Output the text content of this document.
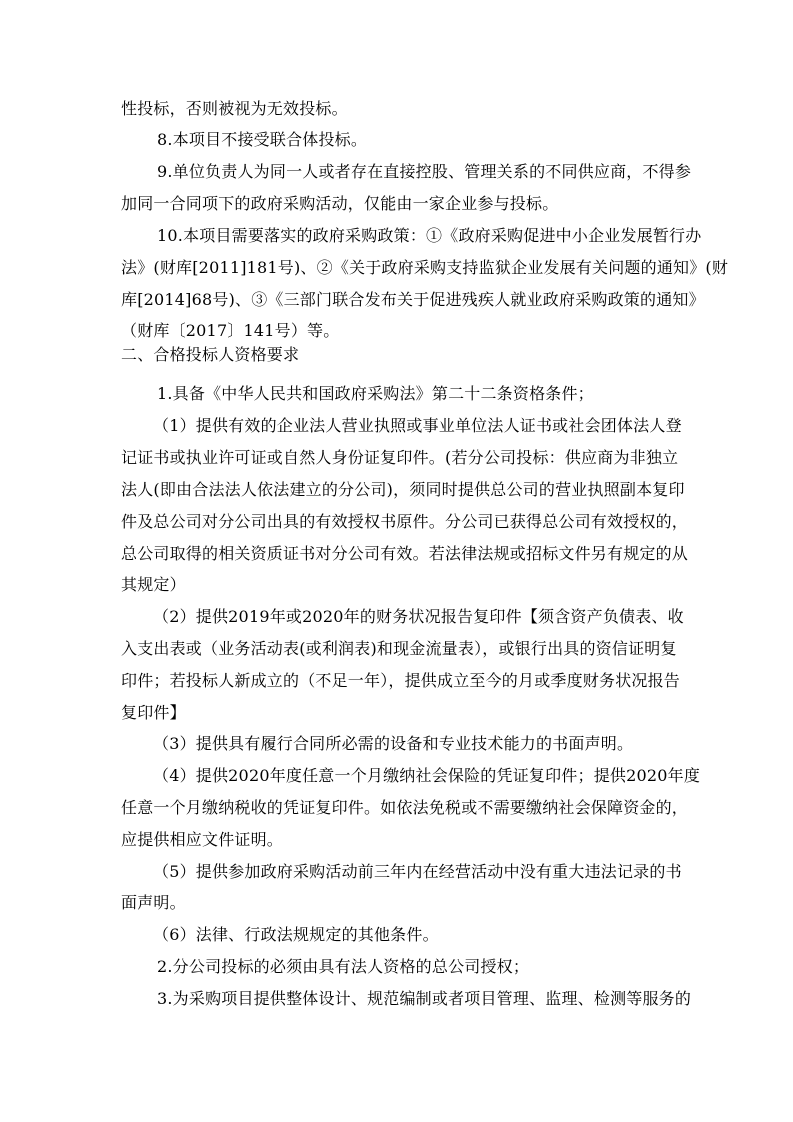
性投标，否则被视为无效投标。
8.本项目不接受联合体投标。
9.单位负责人为同一人或者存在直接控股、管理关系的不同供应商，不得参
加同一合同项下的政府采购活动，仅能由一家企业参与投标。
10.本项目需要落实的政府采购政策：①《政府采购促进中小企业发展暂行办
法》(财库[2011]181号)、②《关于政府采购支持监狱企业发展有关问题的通知》(财
库[2014]68号)、③《三部门联合发布关于促进残疾人就业政府采购政策的通知》
（财库〔2017〕141号）等。
二、合格投标人资格要求
1.具备《中华人民共和国政府采购法》第二十二条资格条件；
（1）提供有效的企业法人营业执照或事业单位法人证书或社会团体法人登
记证书或执业许可证或自然人身份证复印件。(若分公司投标：供应商为非独立
法人(即由合法法人依法建立的分公司)，须同时提供总公司的营业执照副本复印
件及总公司对分公司出具的有效授权书原件。分公司已获得总公司有效授权的，
总公司取得的相关资质证书对分公司有效。若法律法规或招标文件另有规定的从
其规定）
（2）提供2019年或2020年的财务状况报告复印件【须含资产负债表、收
入支出表或（业务活动表(或利润表)和现金流量表），或银行出具的资信证明复
印件；若投标人新成立的（不足一年），提供成立至今的月或季度财务状况报告
复印件】
（3）提供具有履行合同所必需的设备和专业技术能力的书面声明。
（4）提供2020年度任意一个月缴纳社会保险的凭证复印件；提供2020年度
任意一个月缴纳税收的凭证复印件。如依法免税或不需要缴纳社会保障资金的，
应提供相应文件证明。
（5）提供参加政府采购活动前三年内在经营活动中没有重大违法记录的书
面声明。
（6）法律、行政法规规定的其他条件。
2.分公司投标的必须由具有法人资格的总公司授权；
3.为采购项目提供整体设计、规范编制或者项目管理、监理、检测等服务的
